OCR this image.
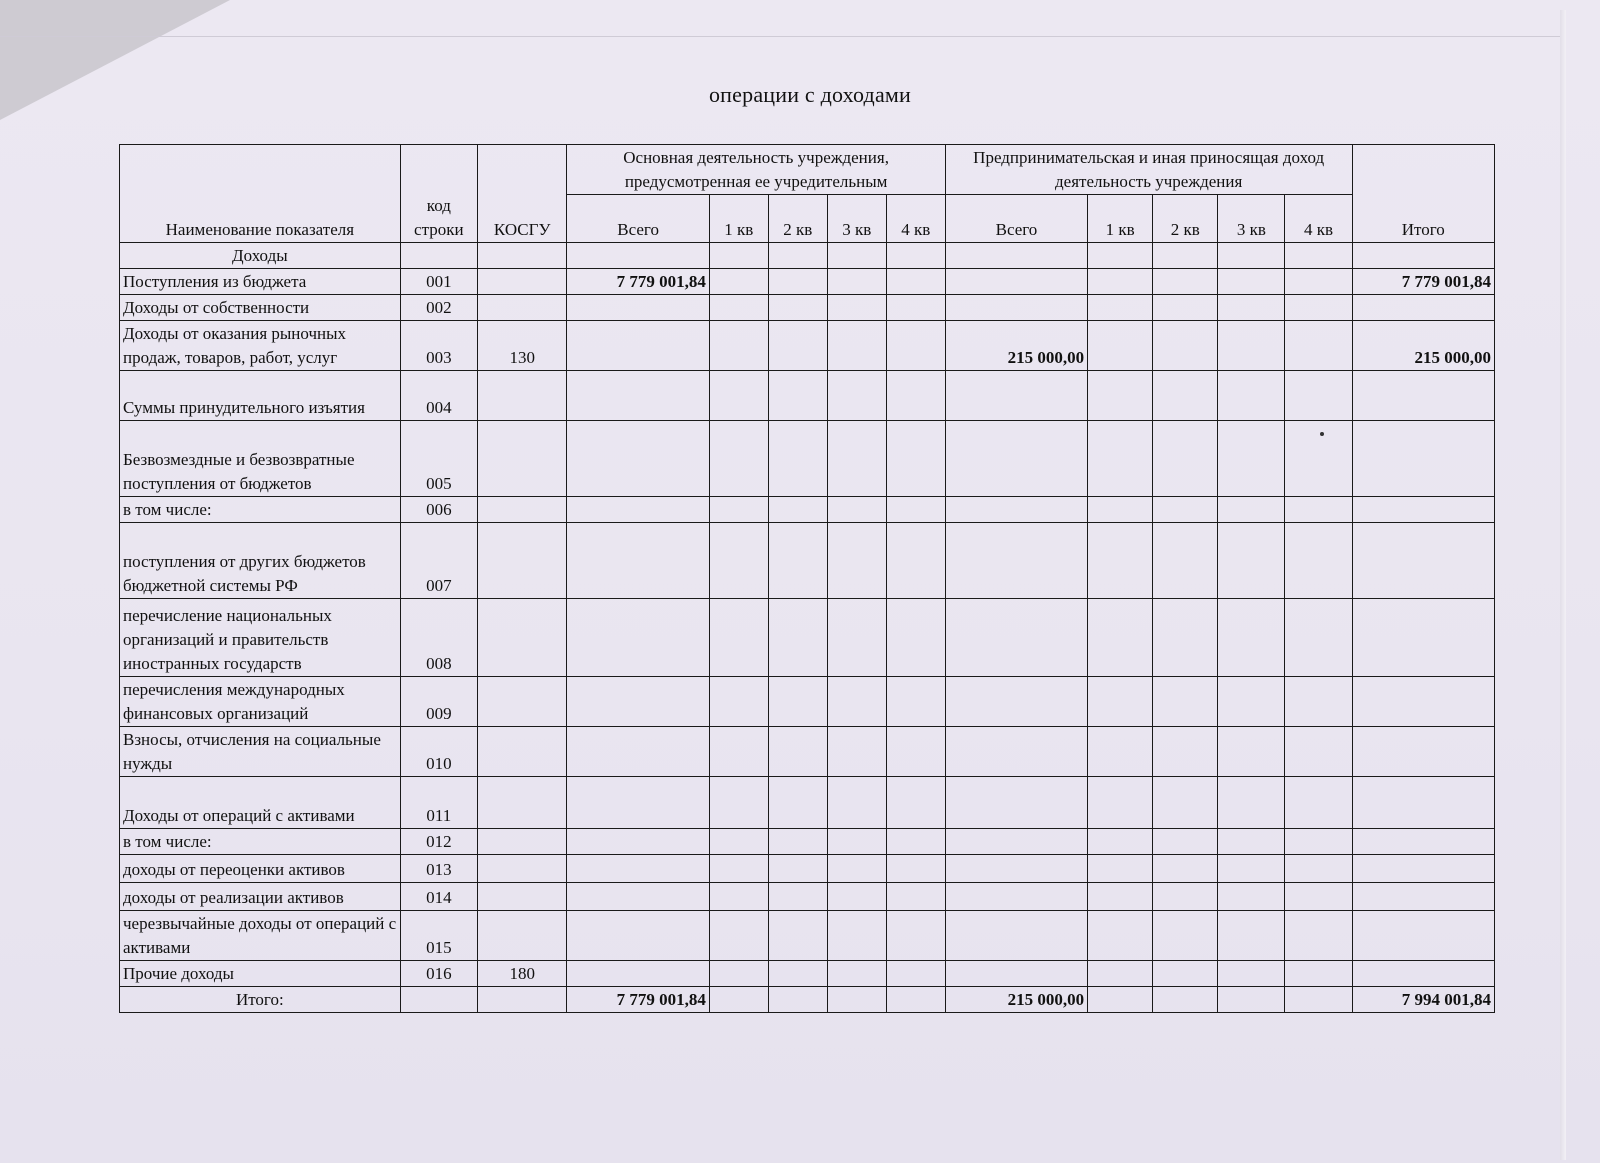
операции с доходами
Наименование показателя	код строки	КОСГУ	Основная деятельность учреждения, предусмотренная ее учредительным					Предпринимательская и иная приносящая доход деятельность учреждения					Итого
			Всего	1 кв	2 кв	3 кв	4 кв	Всего	1 кв	2 кв	3 кв	4 кв	
Доходы													
Поступления из бюджета	001		7 779 001,84										7 779 001,84
Доходы от собственности	002												
Доходы от оказания рыночных продаж, товаров, работ, услуг	003	130						215 000,00					215 000,00
Суммы принудительного изъятия	004												
Безвозмездные и безвозвратные поступления от бюджетов	005												
в том числе:	006												
поступления от других бюджетов бюджетной системы РФ	007												
перечисление национальных организаций и правительств иностранных государств	008												
перечисления международных финансовых организаций	009												
Взносы, отчисления на социальные нужды	010												
Доходы от операций с активами	011												
в том числе:	012												
доходы от переоценки активов	013												
доходы от реализации активов	014												
черезвычайные доходы от операций с активами	015												
Прочие доходы	016	180											
Итого:			7 779 001,84					215 000,00					7 994 001,84
